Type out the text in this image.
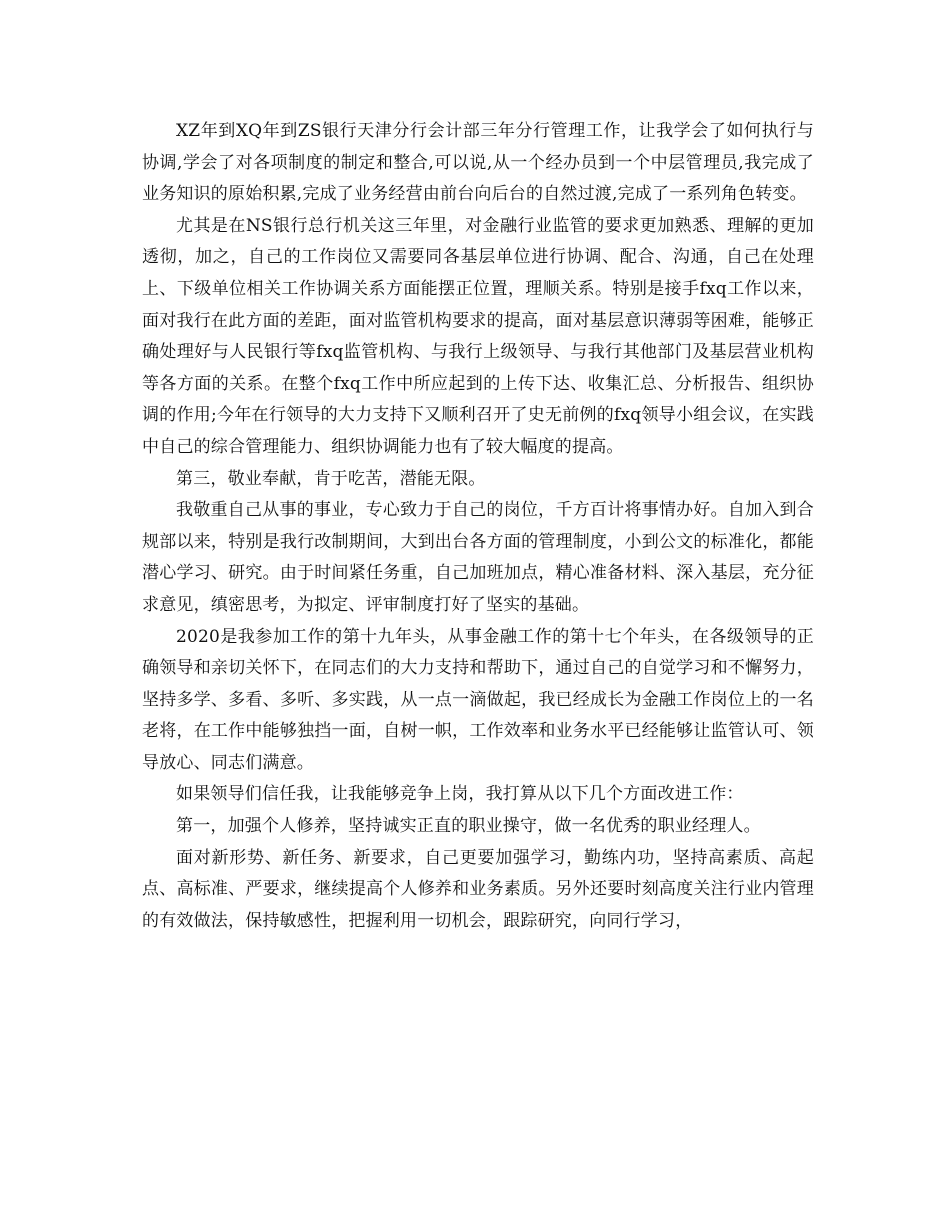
XZ年到XQ年到ZS银行天津分行会计部三年分行管理工作，让我学会了如何执行与协调,学会了对各项制度的制定和整合,可以说,从一个经办员到一个中层管理员,我完成了业务知识的原始积累,完成了业务经营由前台向后台的自然过渡,完成了一系列角色转变。

尤其是在NS银行总行机关这三年里，对金融行业监管的要求更加熟悉、理解的更加透彻，加之，自己的工作岗位又需要同各基层单位进行协调、配合、沟通，自己在处理上、下级单位相关工作协调关系方面能摆正位置，理顺关系。特别是接手fxq工作以来，面对我行在此方面的差距，面对监管机构要求的提高，面对基层意识薄弱等困难，能够正确处理好与人民银行等fxq监管机构、与我行上级领导、与我行其他部门及基层营业机构等各方面的关系。在整个fxq工作中所应起到的上传下达、收集汇总、分析报告、组织协调的作用;今年在行领导的大力支持下又顺利召开了史无前例的fxq领导小组会议，在实践中自己的综合管理能力、组织协调能力也有了较大幅度的提高。

第三，敬业奉献，肯于吃苦，潜能无限。

我敬重自己从事的事业，专心致力于自己的岗位，千方百计将事情办好。自加入到合规部以来，特别是我行改制期间，大到出台各方面的管理制度，小到公文的标准化，都能潜心学习、研究。由于时间紧任务重，自己加班加点，精心准备材料、深入基层，充分征求意见，缜密思考，为拟定、评审制度打好了坚实的基础。

2020是我参加工作的第十九年头，从事金融工作的第十七个年头，在各级领导的正确领导和亲切关怀下，在同志们的大力支持和帮助下，通过自己的自觉学习和不懈努力，坚持多学、多看、多听、多实践，从一点一滴做起，我已经成长为金融工作岗位上的一名老将，在工作中能够独挡一面，自树一帜，工作效率和业务水平已经能够让监管认可、领导放心、同志们满意。

如果领导们信任我，让我能够竞争上岗，我打算从以下几个方面改进工作：

第一，加强个人修养，坚持诚实正直的职业操守，做一名优秀的职业经理人。

面对新形势、新任务、新要求，自己更要加强学习，勤练内功，坚持高素质、高起点、高标准、严要求，继续提高个人修养和业务素质。另外还要时刻高度关注行业内管理的有效做法，保持敏感性，把握利用一切机会，跟踪研究，向同行学习，
